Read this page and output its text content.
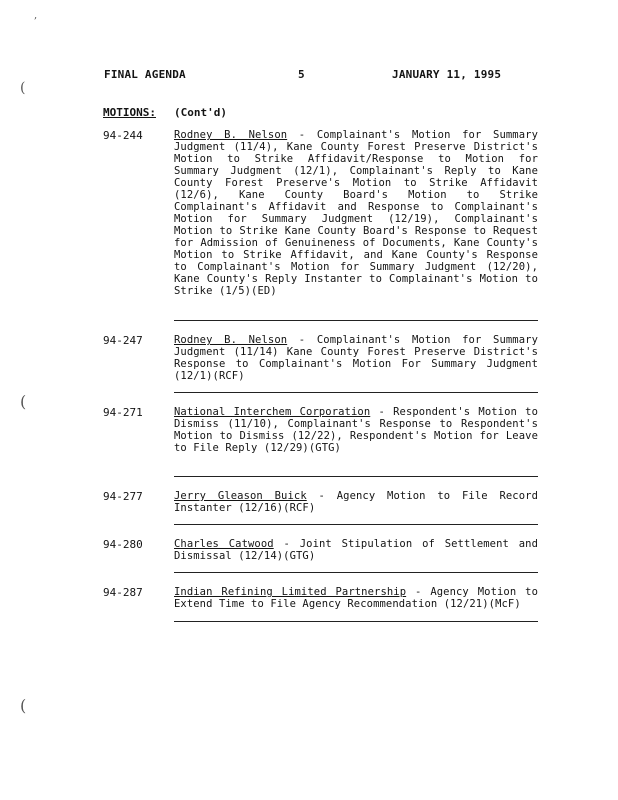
FINAL AGENDA	5	JANUARY 11, 1995
MOTIONS: (Cont'd)
94-244	Rodney B. Nelson - Complainant's Motion for Summary Judgment (11/4), Kane County Forest Preserve District's Motion to Strike Affidavit/Response to Motion for Summary Judgment (12/1), Complainant's Reply to Kane County Forest Preserve's Motion to Strike Affidavit (12/6), Kane County Board's Motion to Strike Complainant's Affidavit and Response to Complainant's Motion for Summary Judgment (12/19), Complainant's Motion to Strike Kane County Board's Response to Request for Admission of Genuineness of Documents, Kane County's Motion to Strike Affidavit, and Kane County's Response to Complainant's Motion for Summary Judgment (12/20), Kane County's Reply Instanter to Complainant's Motion to Strike (1/5)(ED)
94-247	Rodney B. Nelson - Complainant's Motion for Summary Judgment (11/14) Kane County Forest Preserve District's Response to Complainant's Motion For Summary Judgment (12/1)(RCF)
94-271	National Interchem Corporation - Respondent's Motion to Dismiss (11/10), Complainant's Response to Respondent's Motion to Dismiss (12/22), Respondent's Motion for Leave to File Reply (12/29)(GTG)
94-277	Jerry Gleason Buick - Agency Motion to File Record Instanter (12/16)(RCF)
94-280	Charles Catwood - Joint Stipulation of Settlement and Dismissal (12/14)(GTG)
94-287	Indian Refining Limited Partnership - Agency Motion to Extend Time to File Agency Recommendation (12/21)(McF)
,
(
(
(
